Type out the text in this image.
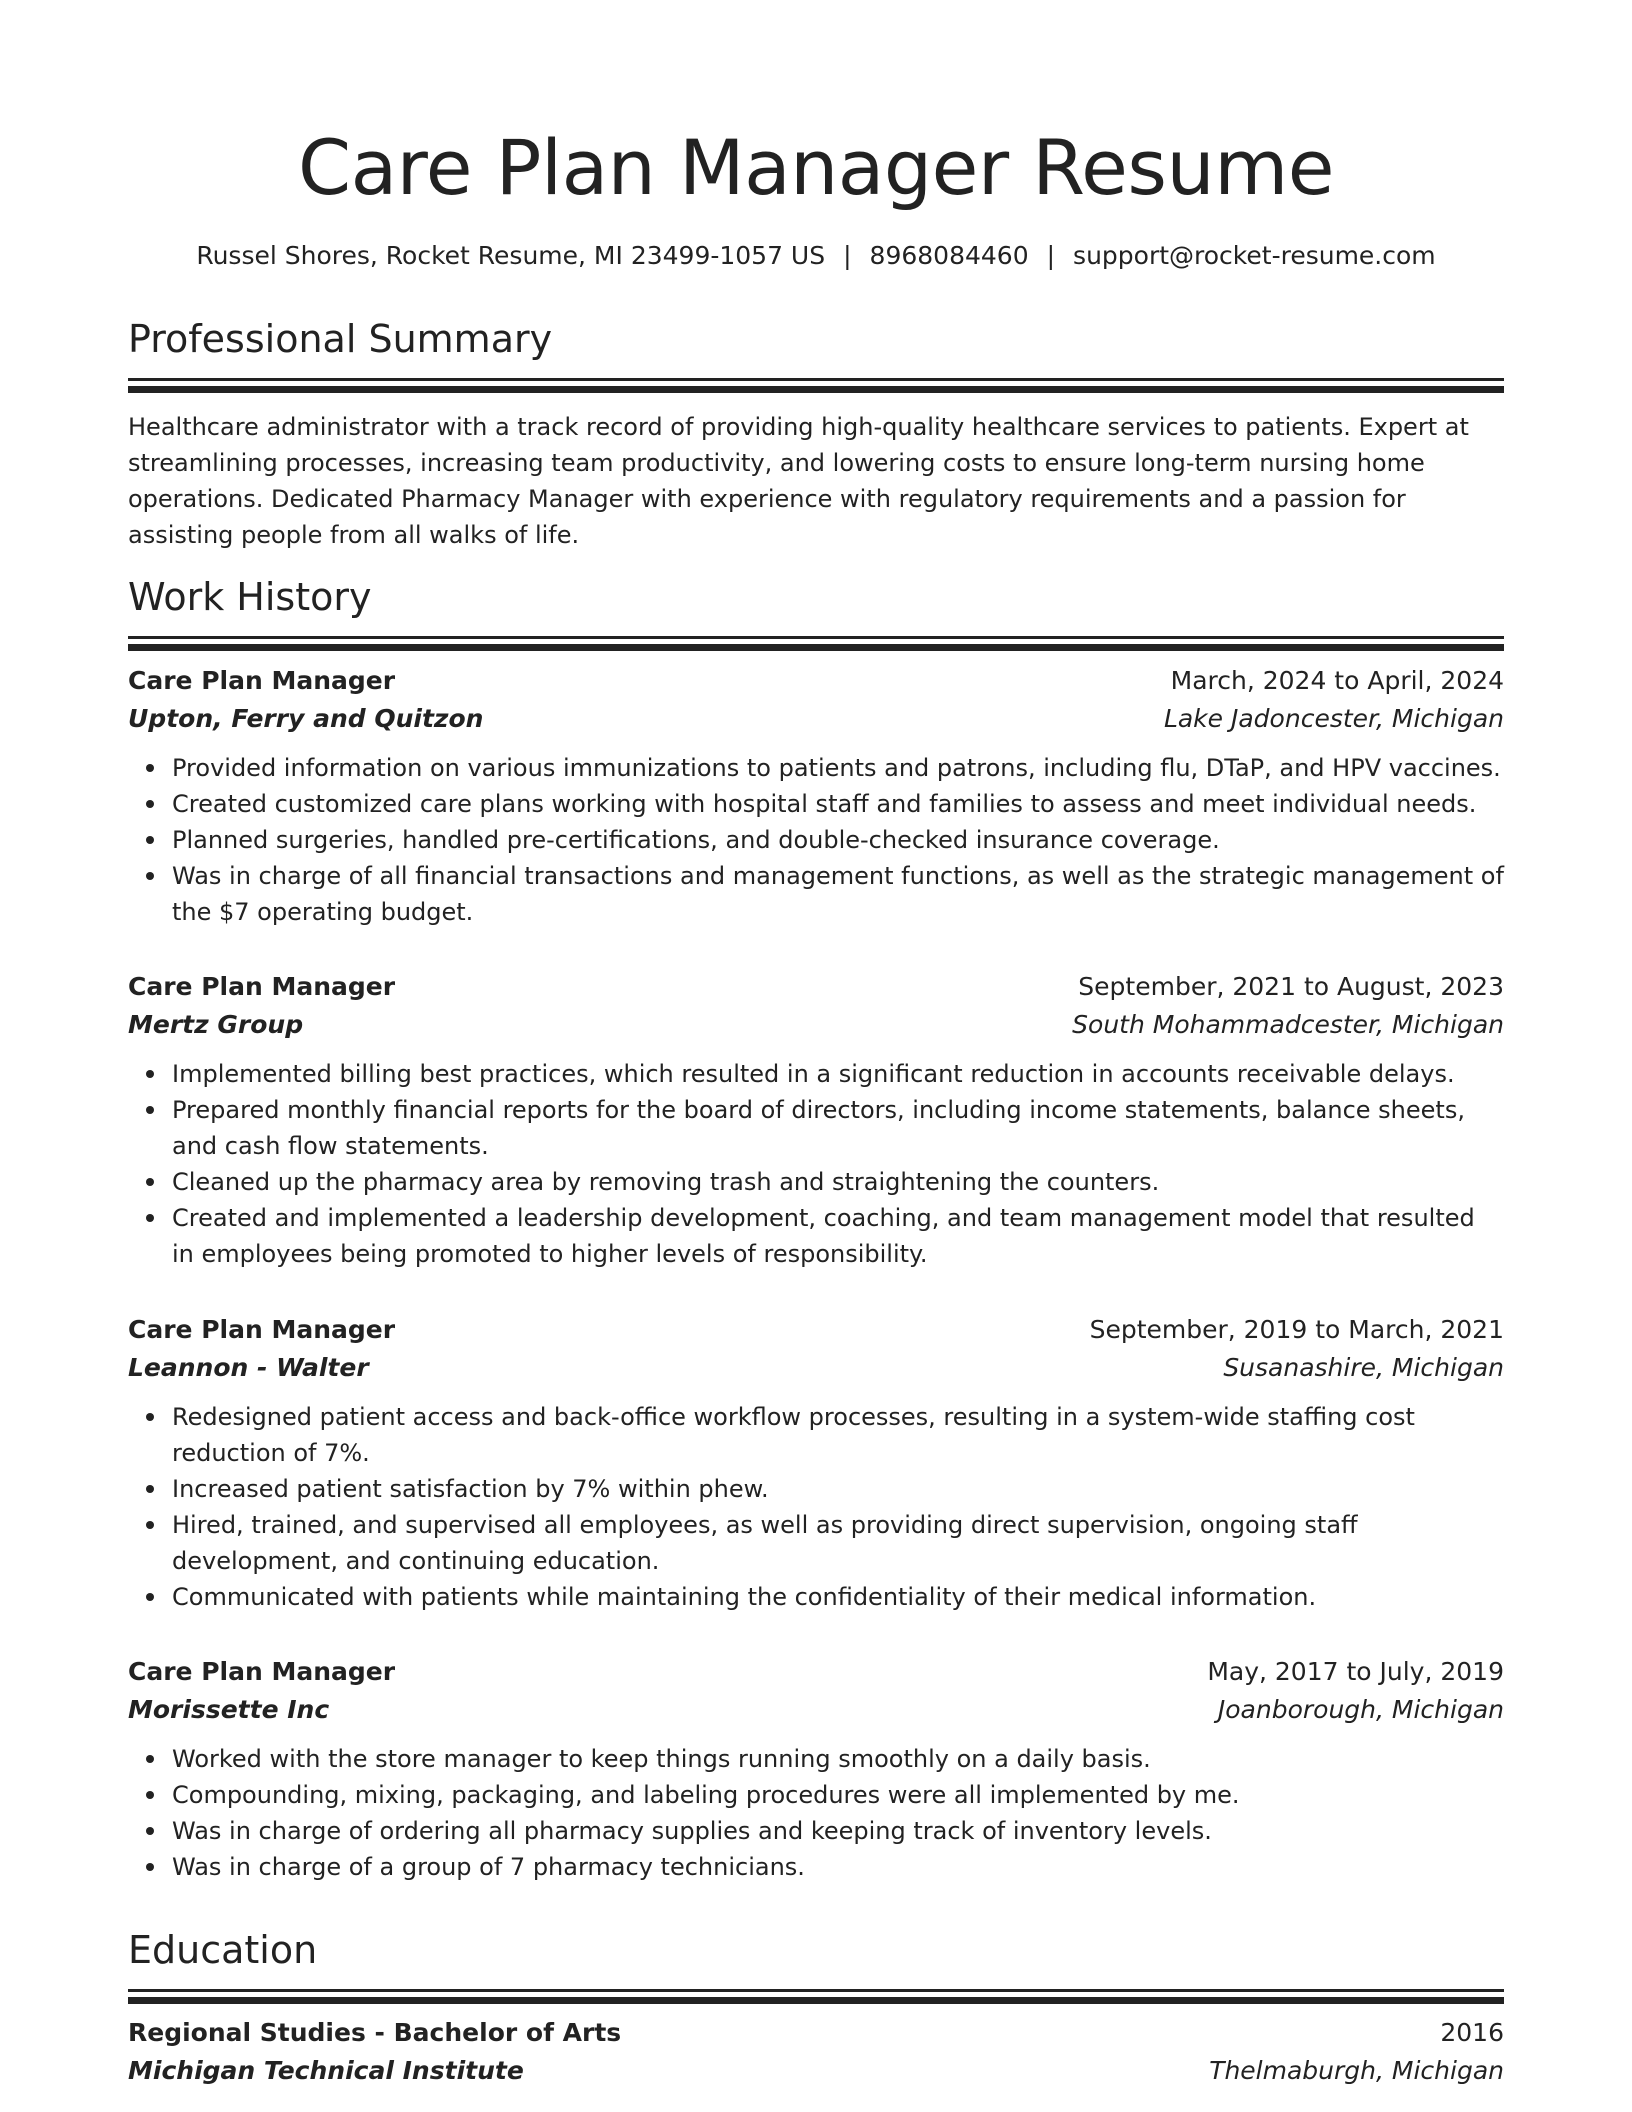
Care Plan Manager Resume
Russel Shores, Rocket Resume, MI 23499-1057 US | 8968084460 | support@rocket-resume.com
Professional Summary
Healthcare administrator with a track record of providing high-quality healthcare services to patients. Expert at streamlining processes, increasing team productivity, and lowering costs to ensure long-term nursing home operations. Dedicated Pharmacy Manager with experience with regulatory requirements and a passion for assisting people from all walks of life.
Work History
Care Plan Manager	March, 2024 to April, 2024
Upton, Ferry and Quitzon	Lake Jadoncester, Michigan
Provided information on various immunizations to patients and patrons, including flu, DTaP, and HPV vaccines.
Created customized care plans working with hospital staff and families to assess and meet individual needs.
Planned surgeries, handled pre-certifications, and double-checked insurance coverage.
Was in charge of all financial transactions and management functions, as well as the strategic management of the $7 operating budget.
Care Plan Manager	September, 2021 to August, 2023
Mertz Group	South Mohammadcester, Michigan
Implemented billing best practices, which resulted in a significant reduction in accounts receivable delays.
Prepared monthly financial reports for the board of directors, including income statements, balance sheets, and cash flow statements.
Cleaned up the pharmacy area by removing trash and straightening the counters.
Created and implemented a leadership development, coaching, and team management model that resulted in employees being promoted to higher levels of responsibility.
Care Plan Manager	September, 2019 to March, 2021
Leannon - Walter	Susanashire, Michigan
Redesigned patient access and back-office workflow processes, resulting in a system-wide staffing cost reduction of 7%.
Increased patient satisfaction by 7% within phew.
Hired, trained, and supervised all employees, as well as providing direct supervision, ongoing staff development, and continuing education.
Communicated with patients while maintaining the confidentiality of their medical information.
Care Plan Manager	May, 2017 to July, 2019
Morissette Inc	Joanborough, Michigan
Worked with the store manager to keep things running smoothly on a daily basis.
Compounding, mixing, packaging, and labeling procedures were all implemented by me.
Was in charge of ordering all pharmacy supplies and keeping track of inventory levels.
Was in charge of a group of 7 pharmacy technicians.
Education
Regional Studies - Bachelor of Arts	2016
Michigan Technical Institute	Thelmaburgh, Michigan
